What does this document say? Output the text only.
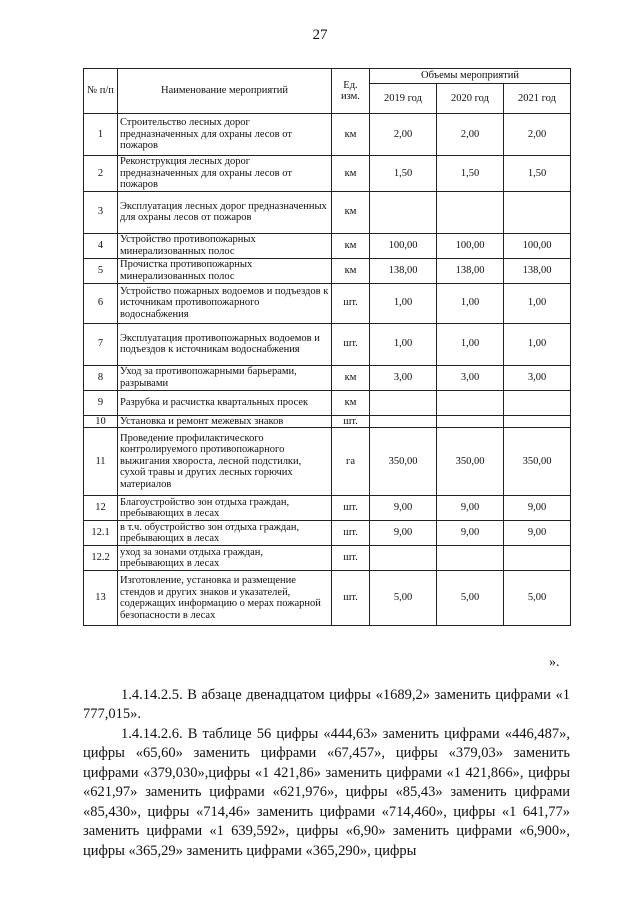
27
№ п/п	Наименование мероприятий	Ед. изм.	Объемы мероприятий		
			2019 год	2020 год	2021 год
1	Строительство лесных дорог предназначенных для охраны лесов от пожаров	км	2,00	2,00	2,00
2	Реконструкция лесных дорог предназначенных для охраны лесов от пожаров	км	1,50	1,50	1,50
3	Эксплуатация лесных дорог предназначенных для охраны лесов от пожаров	км			
4	Устройство противопожарных минерализованных полос	км	100,00	100,00	100,00
5	Прочистка противопожарных минерализованных полос	км	138,00	138,00	138,00
6	Устройство пожарных водоемов и подъездов к источникам противопожарного водоснабжения	шт.	1,00	1,00	1,00
7	Эксплуатация противопожарных водоемов и подъездов к источникам водоснабжения	шт.	1,00	1,00	1,00
8	Уход за противопожарными барьерами, разрывами	км	3,00	3,00	3,00
9	Разрубка и расчистка квартальных просек	км			
10	Установка и ремонт межевых знаков	шт.			
11	Проведение профилактического контролируемого противопожарного выжигания хвороста, лесной подстилки, сухой травы и других лесных горючих материалов	га	350,00	350,00	350,00
12	Благоустройство зон отдыха граждан, пребывающих в лесах	шт.	9,00	9,00	9,00
12.1	в т.ч. обустройство зон отдыха граждан, пребывающих в лесах	шт.	9,00	9,00	9,00
12.2	уход за зонами отдыха граждан, пребывающих в лесах	шт.			
13	Изготовление, установка и размещение стендов и других знаков и указателей, содержащих информацию о мерах пожарной безопасности в лесах	шт.	5,00	5,00	5,00
».

1.4.14.2.5. В абзаце двенадцатом цифры «1689,2» заменить цифрами «1 777,015».

1.4.14.2.6. В таблице 56 цифры «444,63» заменить цифрами «446,487», цифры «65,60» заменить цифрами «67,457», цифры «379,03» заменить цифрами «379,030»,цифры «1 421,86» заменить цифрами «1 421,866», цифры «621,97» заменить цифрами «621,976», цифры «85,43» заменить цифрами «85,430», цифры «714,46» заменить цифрами «714,460», цифры «1 641,77» заменить цифрами «1 639,592», цифры «6,90» заменить цифрами «6,900», цифры «365,29» заменить цифрами «365,290», цифры
